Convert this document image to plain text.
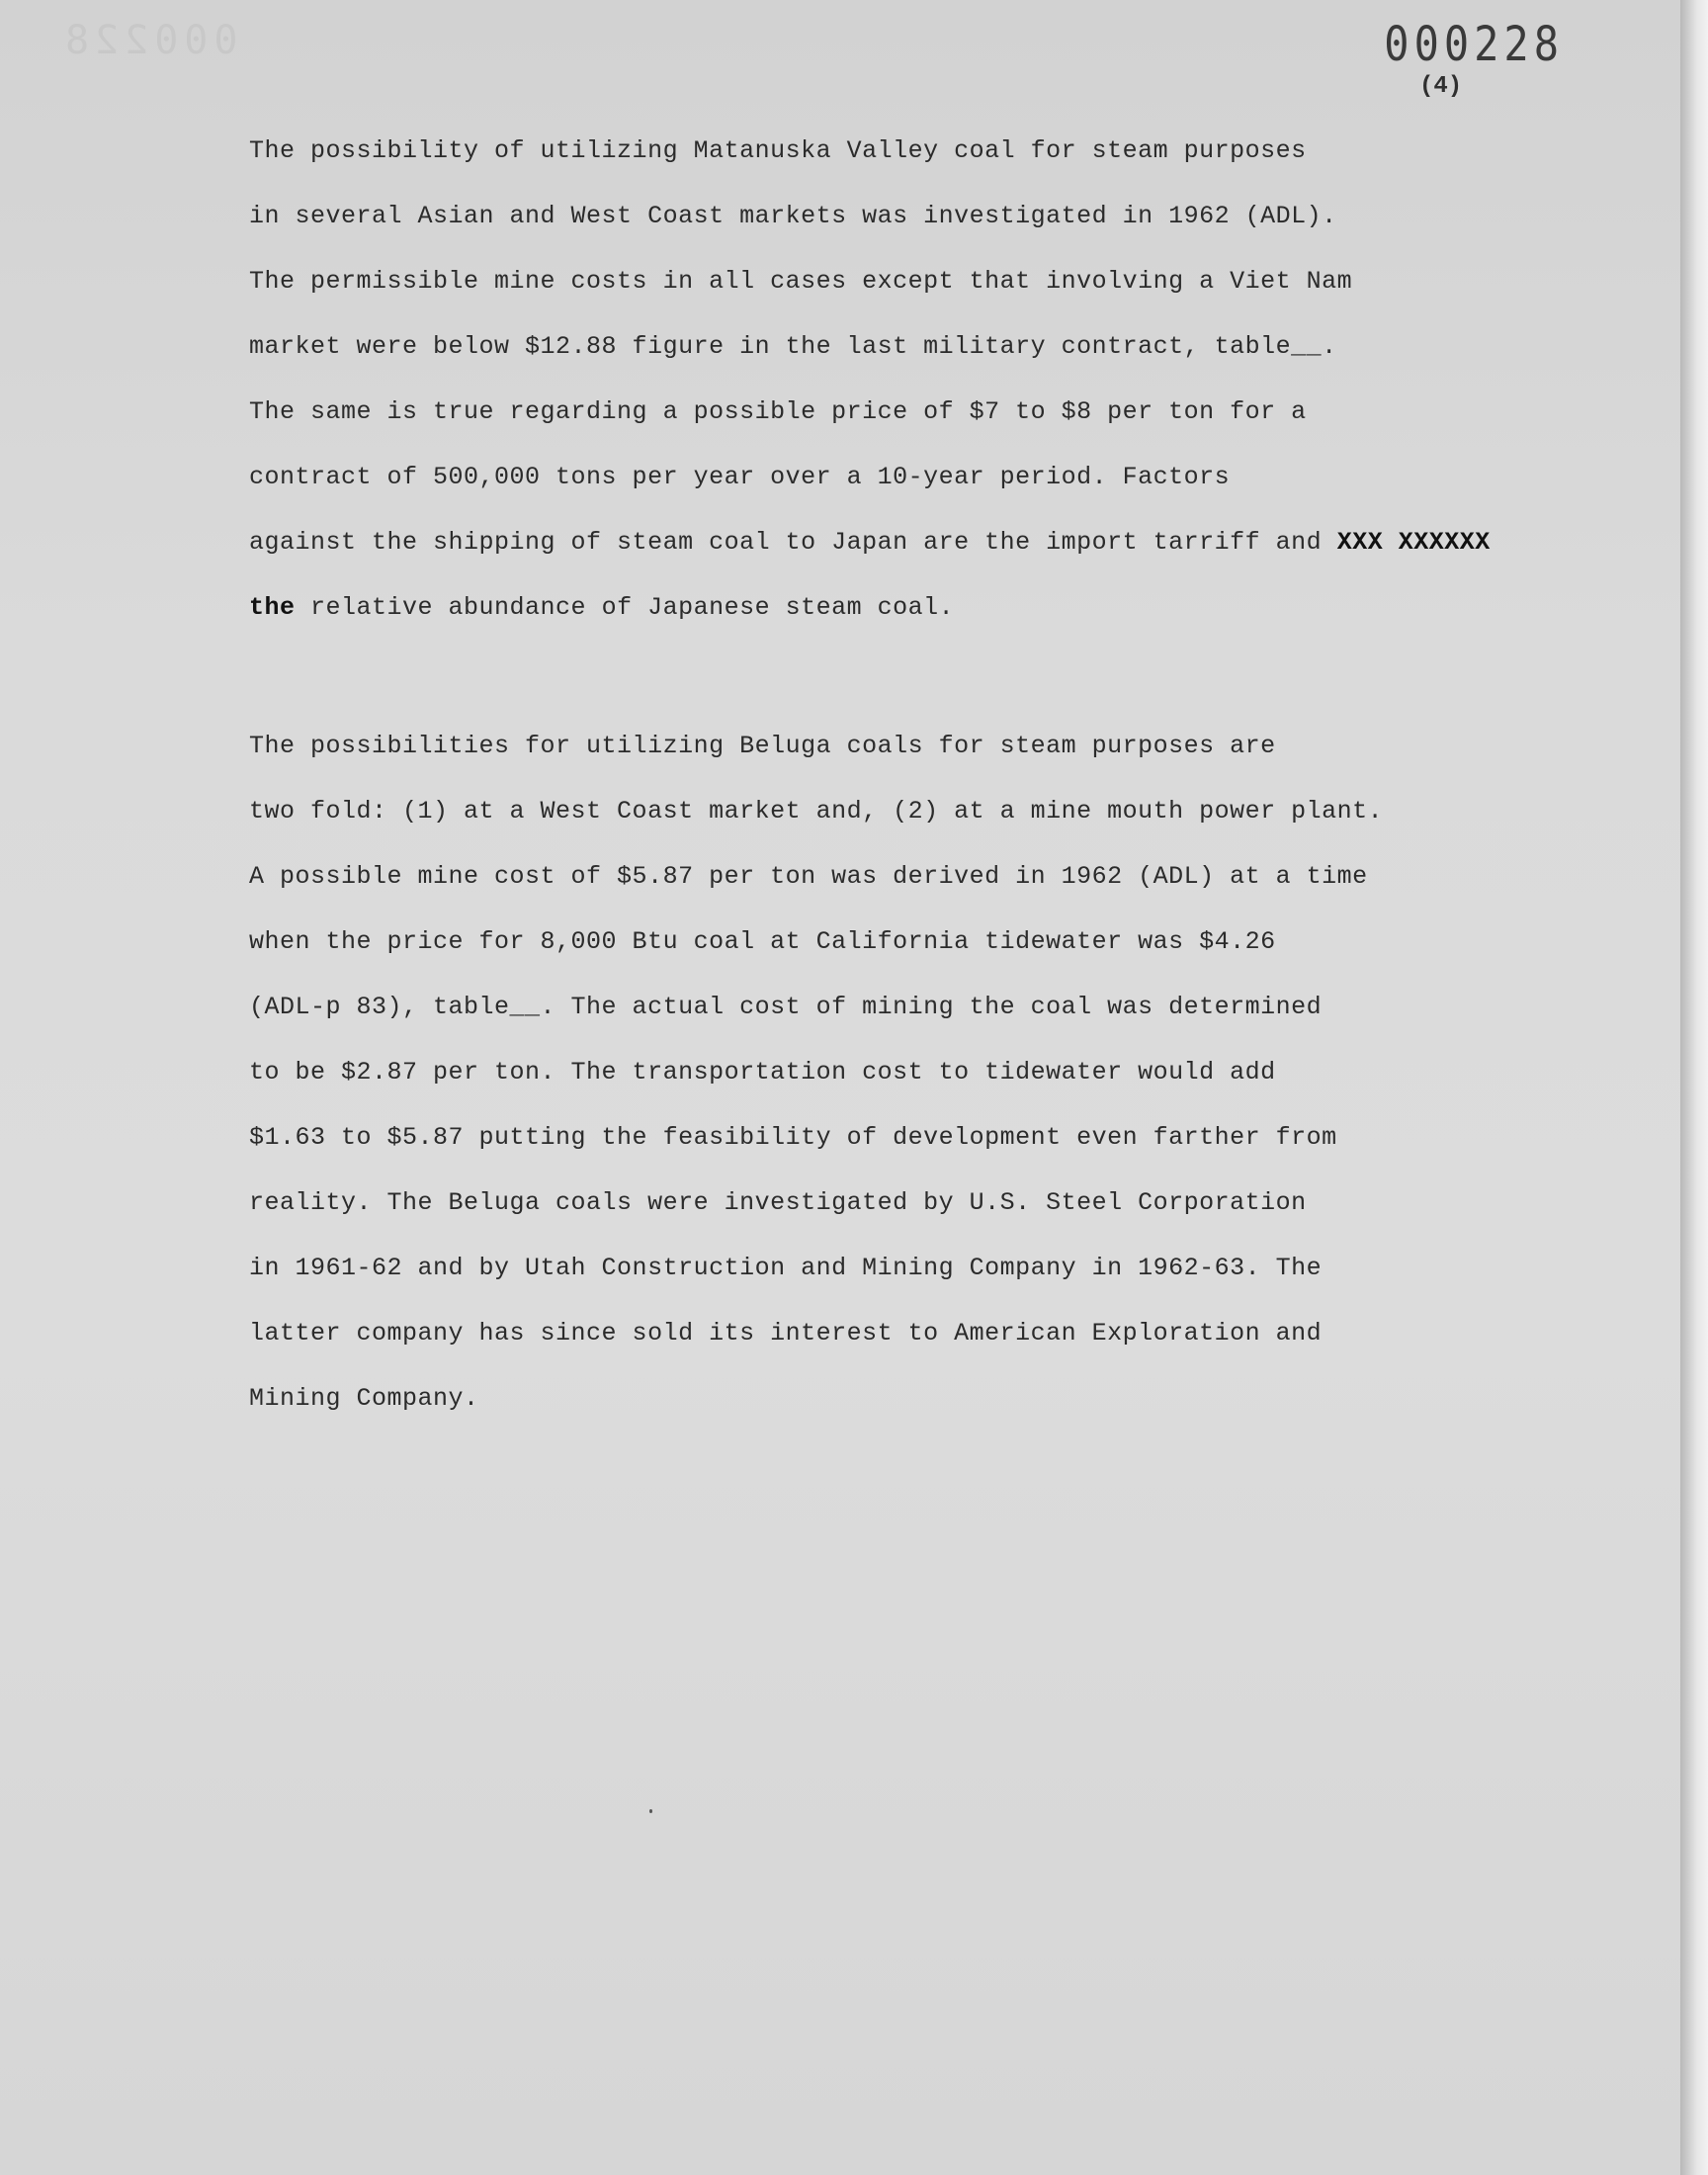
000228	000228
(4)
The possibility of utilizing Matanuska Valley coal for steam purposes
in several Asian and West Coast markets was investigated in 1962 (ADL).
The permissible mine costs in all cases except that involving a Viet Nam
market were below $12.88 figure in the last military contract, table__.
The same is true regarding a possible price of $7 to $8 per ton for a
contract of 500,000 tons per year over a 10-year period. Factors
against the shipping of steam coal to Japan are the import tarriff and XXX XXXXXX
the relative abundance of Japanese steam coal.
The possibilities for utilizing Beluga coals for steam purposes are
two fold: (1) at a West Coast market and, (2) at a mine mouth power plant.
A possible mine cost of $5.87 per ton was derived in 1962 (ADL) at a time
when the price for 8,000 Btu coal at California tidewater was $4.26
(ADL-p 83), table__. The actual cost of mining the coal was determined
to be $2.87 per ton. The transportation cost to tidewater would add
$1.63 to $5.87 putting the feasibility of development even farther from
reality. The Beluga coals were investigated by U.S. Steel Corporation
in 1961-62 and by Utah Construction and Mining Company in 1962-63. The
latter company has since sold its interest to American Exploration and
Mining Company.
